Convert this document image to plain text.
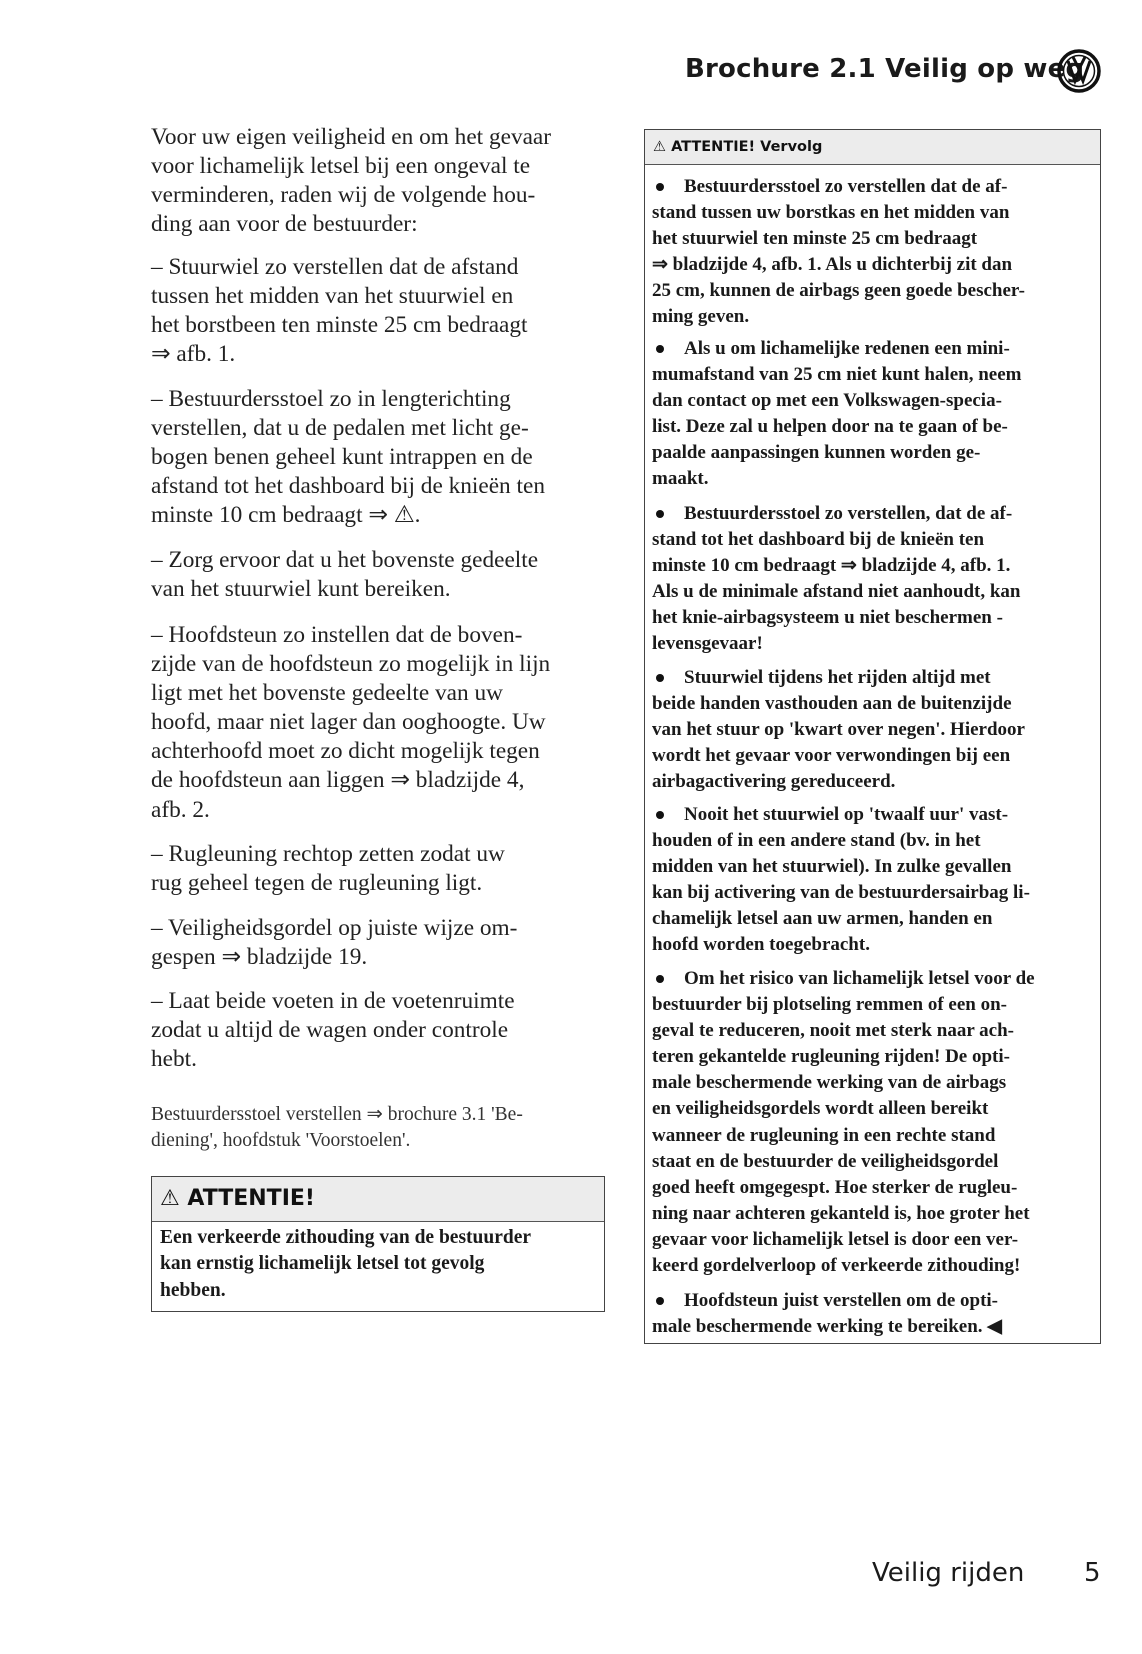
Brochure 2.1 Veilig op weg
Voor uw eigen veiligheid en om het gevaar
voor lichamelijk letsel bij een ongeval te
verminderen, raden wij de volgende hou-
ding aan voor de bestuurder:
– Stuurwiel zo verstellen dat de afstand
tussen het midden van het stuurwiel en
het borstbeen ten minste 25 cm bedraagt
⇒ afb. 1.
– Bestuurdersstoel zo in lengterichting
verstellen, dat u de pedalen met licht ge-
bogen benen geheel kunt intrappen en de
afstand tot het dashboard bij de knieën ten
minste 10 cm bedraagt ⇒ ⚠.
– Zorg ervoor dat u het bovenste gedeelte
van het stuurwiel kunt bereiken.
– Hoofdsteun zo instellen dat de boven-
zijde van de hoofdsteun zo mogelijk in lijn
ligt met het bovenste gedeelte van uw
hoofd, maar niet lager dan ooghoogte. Uw
achterhoofd moet zo dicht mogelijk tegen
de hoofdsteun aan liggen ⇒ bladzijde 4,
afb. 2.
– Rugleuning rechtop zetten zodat uw
rug geheel tegen de rugleuning ligt.
– Veiligheidsgordel op juiste wijze om-
gespen ⇒ bladzijde 19.
– Laat beide voeten in de voetenruimte
zodat u altijd de wagen onder controle
hebt.
Bestuurdersstoel verstellen ⇒ brochure 3.1 'Be-
diening', hoofdstuk 'Voorstoelen'.
⚠ ATTENTIE!
Een verkeerde zithouding van de bestuurder
kan ernstig lichamelijk letsel tot gevolg
hebben.
⚠ ATTENTIE! Vervolg
Bestuurdersstoel zo verstellen dat de af-
stand tussen uw borstkas en het midden van
het stuurwiel ten minste 25 cm bedraagt
⇒ bladzijde 4, afb. 1. Als u dichterbij zit dan
25 cm, kunnen de airbags geen goede bescher-
ming geven.
Als u om lichamelijke redenen een mini-
mumafstand van 25 cm niet kunt halen, neem
dan contact op met een Volkswagen-specia-
list. Deze zal u helpen door na te gaan of be-
paalde aanpassingen kunnen worden ge-
maakt.
Bestuurdersstoel zo verstellen, dat de af-
stand tot het dashboard bij de knieën ten
minste 10 cm bedraagt ⇒ bladzijde 4, afb. 1.
Als u de minimale afstand niet aanhoudt, kan
het knie-airbagsysteem u niet beschermen -
levensgevaar!
Stuurwiel tijdens het rijden altijd met
beide handen vasthouden aan de buitenzijde
van het stuur op 'kwart over negen'. Hierdoor
wordt het gevaar voor verwondingen bij een
airbagactivering gereduceerd.
Nooit het stuurwiel op 'twaalf uur' vast-
houden of in een andere stand (bv. in het
midden van het stuurwiel). In zulke gevallen
kan bij activering van de bestuurdersairbag li-
chamelijk letsel aan uw armen, handen en
hoofd worden toegebracht.
Om het risico van lichamelijk letsel voor de
bestuurder bij plotseling remmen of een on-
geval te reduceren, nooit met sterk naar ach-
teren gekantelde rugleuning rijden! De opti-
male beschermende werking van de airbags
en veiligheidsgordels wordt alleen bereikt
wanneer de rugleuning in een rechte stand
staat en de bestuurder de veiligheidsgordel
goed heeft omgegespt. Hoe sterker de rugleu-
ning naar achteren gekanteld is, hoe groter het
gevaar voor lichamelijk letsel is door een ver-
keerd gordelverloop of verkeerde zithouding!
Hoofdsteun juist verstellen om de opti-
male beschermende werking te bereiken. ◀
Veilig rijden 5
